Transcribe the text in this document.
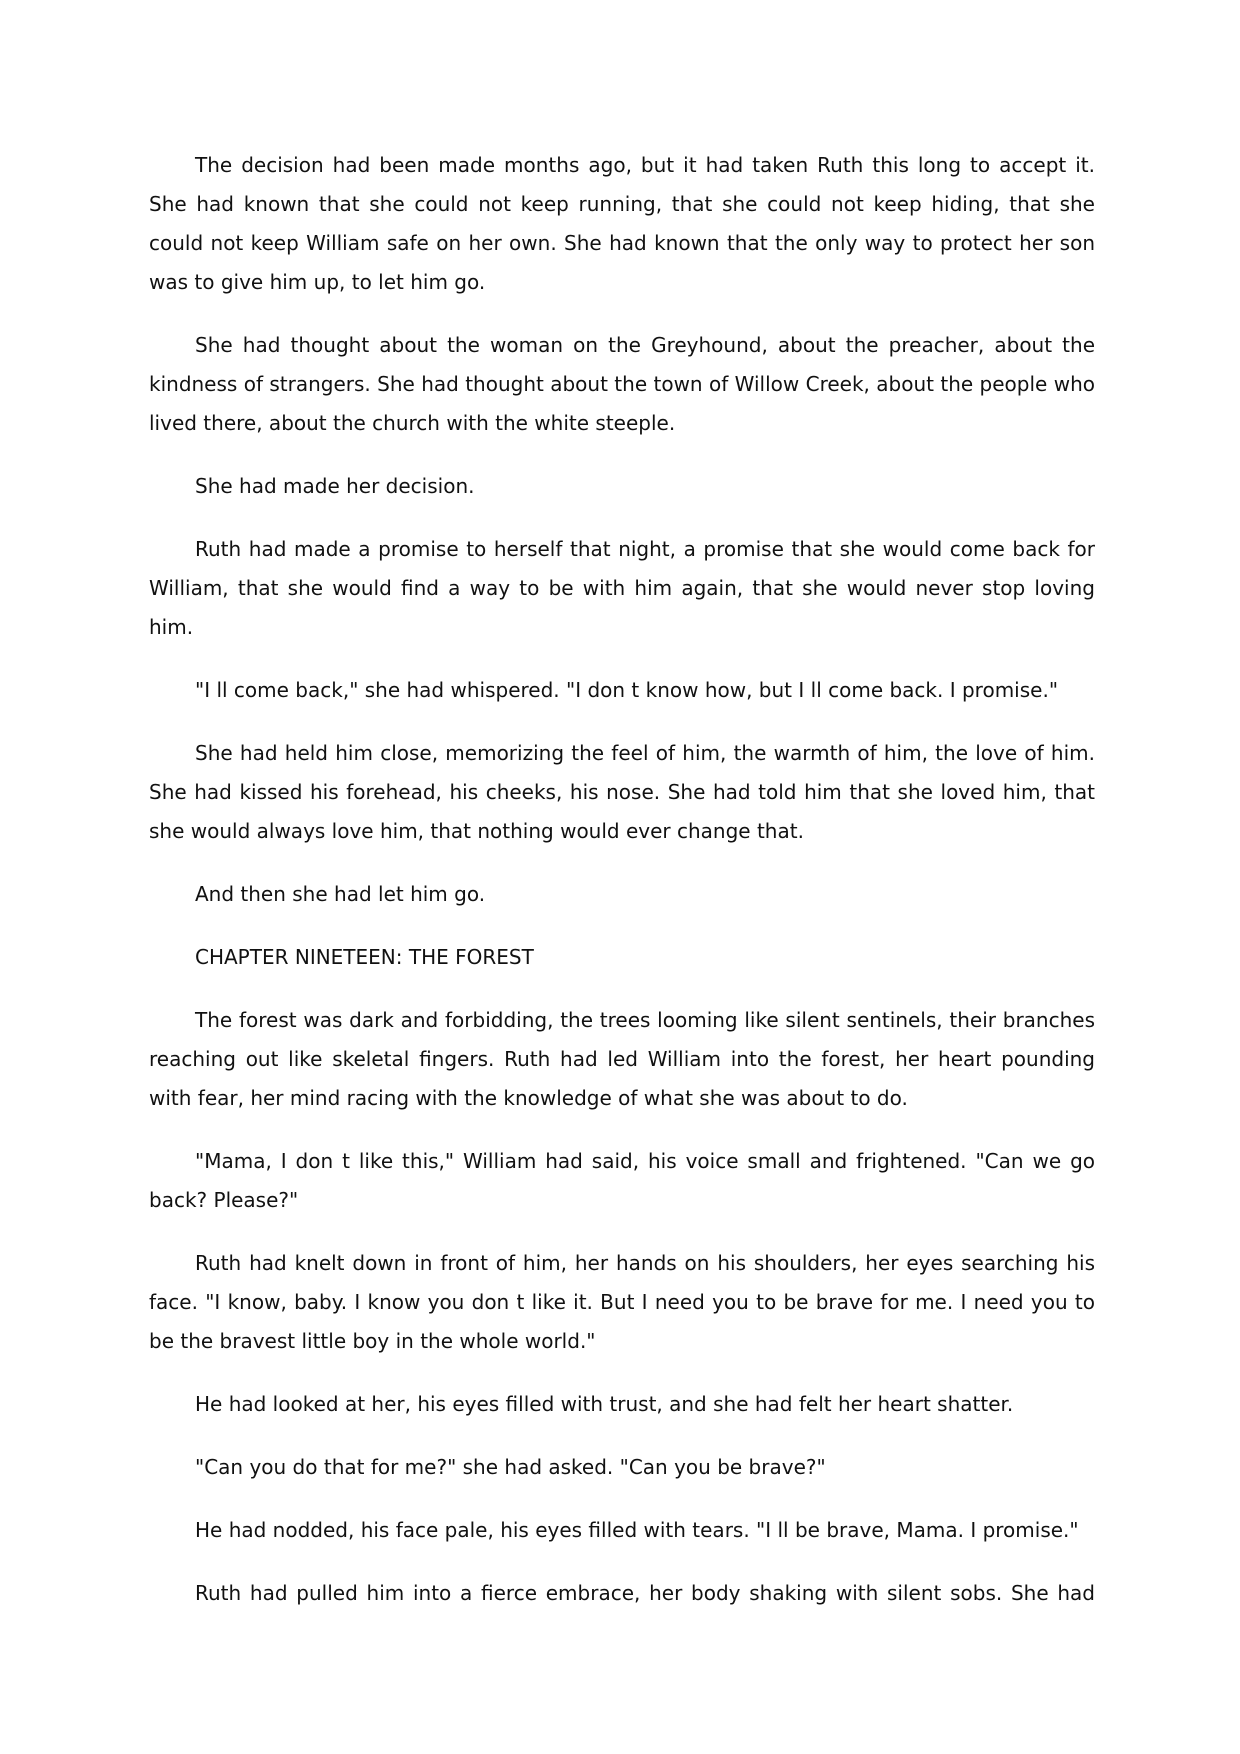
The decision had been made months ago, but it had taken Ruth this long to accept it. She had known that she could not keep running, that she could not keep hiding, that she could not keep William safe on her own. She had known that the only way to protect her son was to give him up, to let him go.

She had thought about the woman on the Greyhound, about the preacher, about the kindness of strangers. She had thought about the town of Willow Creek, about the people who lived there, about the church with the white steeple.

She had made her decision.

Ruth had made a promise to herself that night, a promise that she would come back for William, that she would find a way to be with him again, that she would never stop loving him.

"I ll come back," she had whispered. "I don t know how, but I ll come back. I promise."

She had held him close, memorizing the feel of him, the warmth of him, the love of him. She had kissed his forehead, his cheeks, his nose. She had told him that she loved him, that she would always love him, that nothing would ever change that.

And then she had let him go.

CHAPTER NINETEEN: THE FOREST

The forest was dark and forbidding, the trees looming like silent sentinels, their branches reaching out like skeletal fingers. Ruth had led William into the forest, her heart pounding with fear, her mind racing with the knowledge of what she was about to do.

"Mama, I don t like this," William had said, his voice small and frightened. "Can we go back? Please?"

Ruth had knelt down in front of him, her hands on his shoulders, her eyes searching his face. "I know, baby. I know you don t like it. But I need you to be brave for me. I need you to be the bravest little boy in the whole world."

He had looked at her, his eyes filled with trust, and she had felt her heart shatter.

"Can you do that for me?" she had asked. "Can you be brave?"

He had nodded, his face pale, his eyes filled with tears. "I ll be brave, Mama. I promise."

Ruth had pulled him into a fierce embrace, her body shaking with silent sobs. She had
